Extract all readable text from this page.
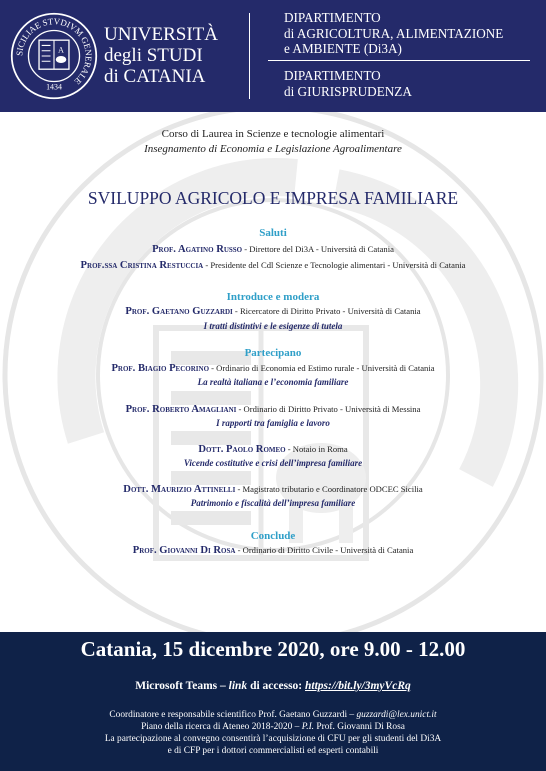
SICILIAE STVDIVM GENERALE
A
1434
UNIVERSITÀ
degli STUDI
di CATANIA
DIPARTIMENTO
di AGRICOLTURA, ALIMENTAZIONE
e AMBIENTE (Di3A)
DIPARTIMENTO
di GIURISPRUDENZA
Corso di Laurea in Scienze e tecnologie alimentari
Insegnamento di Economia e Legislazione Agroalimentare
SVILUPPO AGRICOLO E IMPRESA FAMILIARE
Saluti
Prof. Agatino Russo - Direttore del Di3A - Università di Catania
Prof.ssa Cristina Restuccia - Presidente del Cdl Scienze e Tecnologie alimentari - Università di Catania
Introduce e modera
Prof. Gaetano Guzzardi - Ricercatore di Diritto Privato - Università di Catania
I tratti distintivi e le esigenze di tutela
Partecipano
Prof. Biagio Pecorino - Ordinario di Economia ed Estimo rurale - Università di Catania
La realtà italiana e l’economia familiare
Prof. Roberto Amagliani - Ordinario di Diritto Privato - Università di Messina
I rapporti tra famiglia e lavoro
Dott. Paolo Romeo - Notaio in Roma
Vicende costitutive e crisi dell’impresa familiare
Dott. Maurizio Attinelli - Magistrato tributario e Coordinatore ODCEC Sicilia
Patrimonio e fiscalità dell’impresa familiare
Conclude
Prof. Giovanni Di Rosa - Ordinario di Diritto Civile - Università di Catania
Catania, 15 dicembre 2020, ore 9.00 - 12.00
Microsoft Teams – link di accesso: https://bit.ly/3myVcRq
Coordinatore e responsabile scientifico Prof. Gaetano Guzzardi – guzzardi@lex.unict.it
Piano della ricerca di Ateneo 2018-2020 – P.I. Prof. Giovanni Di Rosa
La partecipazione al convegno consentirà l’acquisizione di CFU per gli studenti del Di3A
e di CFP per i dottori commercialisti ed esperti contabili
